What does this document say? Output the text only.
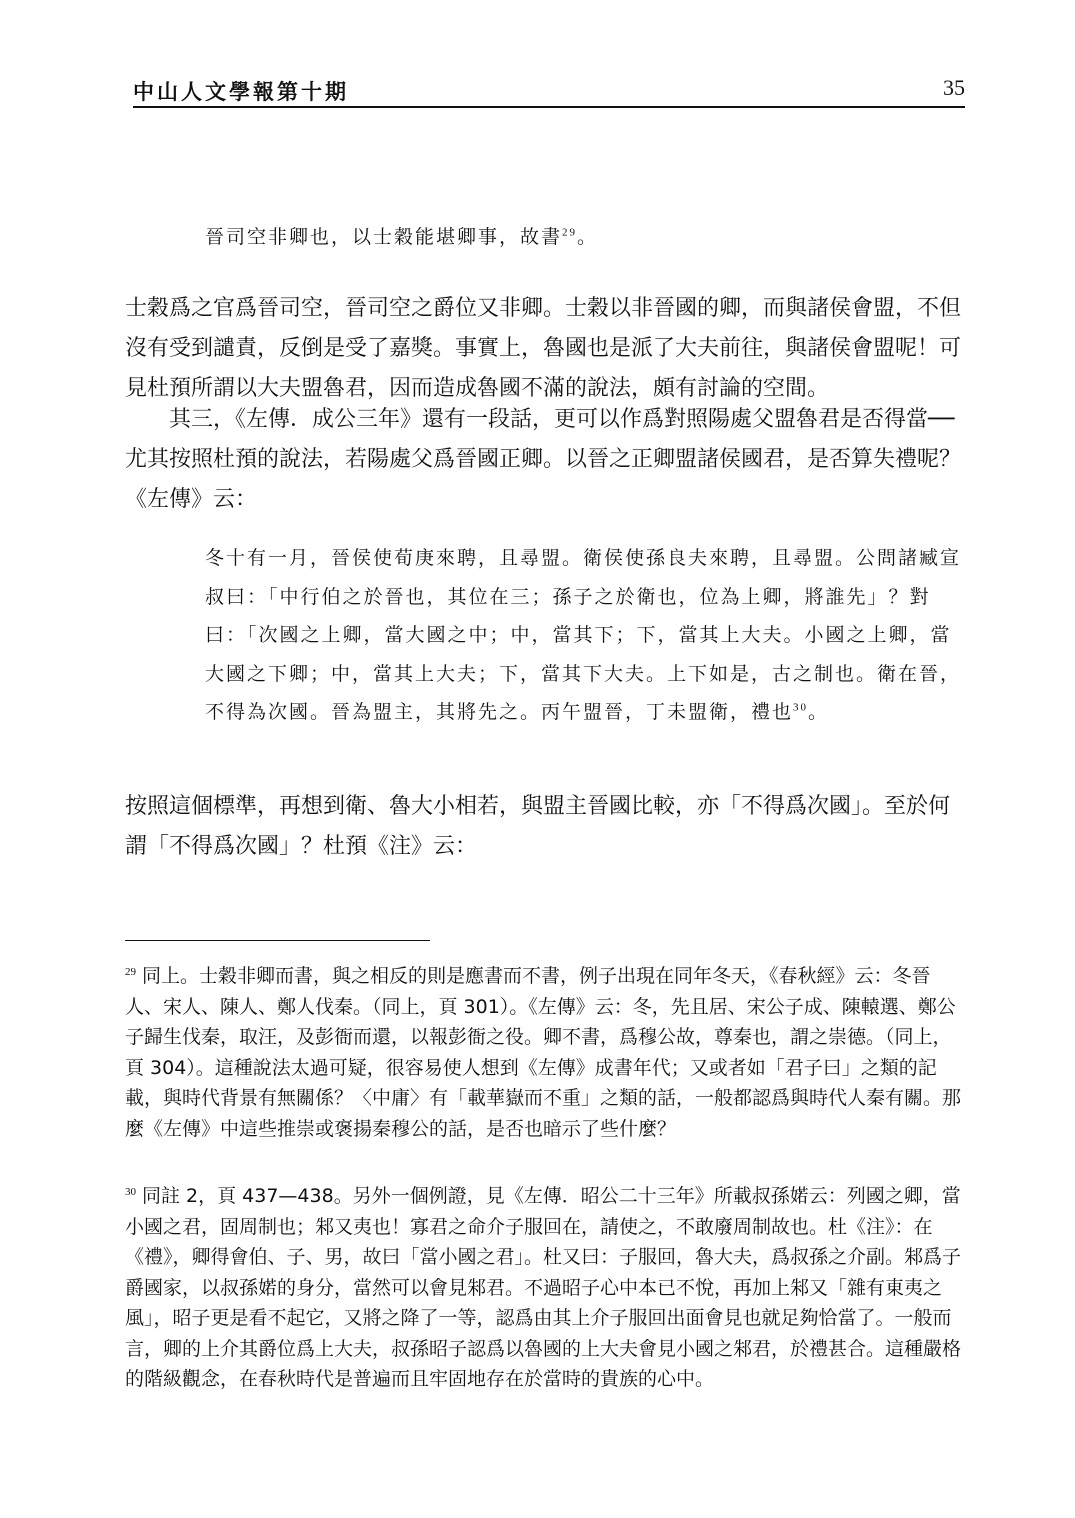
中山人文學報第十期	35
晉司空非卿也，以士穀能堪卿事，故書$^{29}$。
士穀爲之官爲晉司空，晉司空之爵位又非卿。士穀以非晉國的卿，而與諸侯會盟，不但沒有受到譴責，反倒是受了嘉獎。事實上，魯國也是派了大夫前往，與諸侯會盟呢！可見杜預所謂以大夫盟魯君，因而造成魯國不滿的說法，頗有討論的空間。
其三，《左傳．成公三年》還有一段話，更可以作爲對照陽處父盟魯君是否得當──尤其按照杜預的說法，若陽處父爲晉國正卿。以晉之正卿盟諸侯國君，是否算失禮呢？《左傳》云：
冬十有一月，晉侯使荀庚來聘，且尋盟。衛侯使孫良夫來聘，且尋盟。公問諸臧宣叔曰：「中行伯之於晉也，其位在三；孫子之於衛也，位為上卿，將誰先」？對曰：「次國之上卿，當大國之中；中，當其下；下，當其上大夫。小國之上卿，當大國之下卿；中，當其上大夫；下，當其下大夫。上下如是，古之制也。衛在晉，不得為次國。晉為盟主，其將先之。丙午盟晉，丁未盟衛，禮也$^{30}$。
按照這個標準，再想到衛、魯大小相若，與盟主晉國比較，亦「不得爲次國」。至於何謂「不得爲次國」？杜預《注》云：
$^{29}$ 同上。士穀非卿而書，與之相反的則是應書而不書，例子出現在同年冬天，《春秋經》云：冬晉人、宋人、陳人、鄭人伐秦。（同上，頁 301）。《左傳》云：冬，先且居、宋公子成、陳轅選、鄭公子歸生伐秦，取汪，及彭衙而還，以報彭衙之役。卿不書，爲穆公故，尊秦也，謂之崇德。（同上，頁 304）。這種說法太過可疑，很容易使人想到《左傳》成書年代；又或者如「君子曰」之類的記載，與時代背景有無關係？〈中庸〉有「載華嶽而不重」之類的話，一般都認爲與時代人秦有關。那麼《左傳》中這些推崇或褒揚秦穆公的話，是否也暗示了些什麼？
$^{30}$ 同註 2，頁 437—438。另外一個例證，見《左傳．昭公二十三年》所載叔孫婼云：列國之卿，當小國之君，固周制也；邾又夷也！寡君之命介子服回在，請使之，不敢廢周制故也。杜《注》：在《禮》，卿得會伯、子、男，故曰「當小國之君」。杜又曰：子服回，魯大夫，爲叔孫之介副。邾爲子爵國家，以叔孫婼的身分，當然可以會見邾君。不過昭子心中本已不悅，再加上邾又「雜有東夷之風」，昭子更是看不起它，又將之降了一等，認爲由其上介子服回出面會見也就足夠恰當了。一般而言，卿的上介其爵位爲上大夫，叔孫昭子認爲以魯國的上大夫會見小國之邾君，於禮甚合。這種嚴格的階級觀念，在春秋時代是普遍而且牢固地存在於當時的貴族的心中。
